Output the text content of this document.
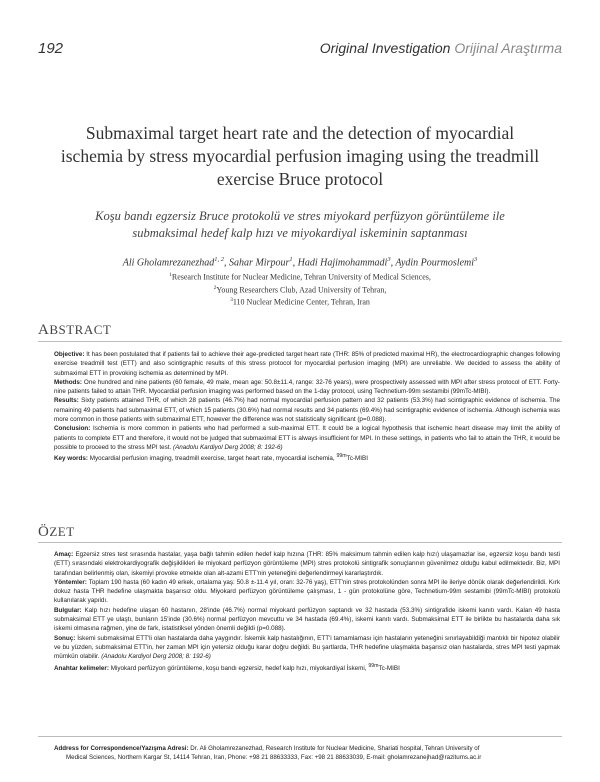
192	Original Investigation Orijinal Araştırma
Submaximal target heart rate and the detection of myocardial ischemia by stress myocardial perfusion imaging using the treadmill exercise Bruce protocol
Koşu bandı egzersiz Bruce protokolü ve stres miyokard perfüzyon görüntüleme ile submaksimal hedef kalp hızı ve miyokardiyal iskeminin saptanması
Ali Gholamrezanezhad$^{1, 2}$, Sahar Mirpour$^1$, Hadi Hajimohammadi$^3$, Aydin Pourmoslemi$^3$
$^1$Research Institute for Nuclear Medicine, Tehran University of Medical Sciences,
$^2$Young Researchers Club, Azad University of Tehran,
$^3$110 Nuclear Medicine Center, Tehran, Iran
ABSTRACT

Objective: It has been postulated that if patients fail to achieve their age-predicted target heart rate (THR: 85% of predicted maximal HR), the electrocardiographic changes following exercise treadmill test (ETT) and also scintigraphic results of this stress protocol for myocardial perfusion imaging (MPI) are unreliable. We decided to assess the ability of submaximal ETT in provoking ischemia as determined by MPI.

Methods: One hundred and nine patients (60 female, 49 male, mean age: 50.8±11.4, range: 32-76 years), were prospectively assessed with MPI after stress protocol of ETT. Forty-nine patients failed to attain THR. Myocardial perfusion imaging was performed based on the 1-day protocol, using Technetium-99m sestamibi (99mTc-MIBI).

Results: Sixty patients attained THR, of which 28 patients (46.7%) had normal myocardial perfusion pattern and 32 patients (53.3%) had scintigraphic evidence of ischemia. The remaining 49 patients had submaximal ETT, of which 15 patients (30.6%) had normal results and 34 patients (69.4%) had scintigraphic evidence of ischemia. Although ischemia was more common in those patients with submaximal ETT, however the difference was not statistically significant (p=0.088).

Conclusion: Ischemia is more common in patients who had performed a sub-maximal ETT. It could be a logical hypothesis that ischemic heart disease may limit the ability of patients to complete ETT and therefore, it would not be judged that submaximal ETT is always insufficient for MPI. In these settings, in patients who fail to attain the THR, it would be possible to proceed to the stress MPI test. (Anadolu Kardiyol Derg 2008; 8: 192-6)

Key words: Myocardial perfusion imaging, treadmill exercise, target heart rate, myocardial ischemia, $^{99m}$Tc-MIBI

ÖZET

Amaç: Egzersiz stres test sırasında hastalar, yaşa bağlı tahmin edilen hedef kalp hızına (THR: 85% maksimum tahmin edilen kalp hızı) ulaşamazlar ise, egzersiz koşu bandı testi (ETT) sırasındaki elektrokardiyografik değişiklikleri ile miyokard perfüzyon görüntüleme (MPI) stres protokolü sintigrafik sonuçlarının güvenilmez olduğu kabul edilmektedir. Biz, MPI tarafından belirlenmiş olan, iskemiyi provoke etmekte olan alt-azami ETT'nin yeteneğini değerlendirmeyi kararlaştırdık.

Yöntemler: Toplam 190 hasta (60 kadın 49 erkek, ortalama yaş: 50.8 ±-11.4 yıl, oran: 32-76 yaş), ETT'nin stres protokolünden sonra MPI ile ileriye dönük olarak değerlendirildi. Kırk dokuz hasta THR hedefine ulaşmakta başarısız oldu. Miyokard perfüzyon görüntüleme çalışması, 1 - gün protokolüne göre, Technetium-99m sestamibi (99mTc-MIBI) protokolü kullanılarak yapıldı.

Bulgular: Kalp hızı hedefine ulaşan 60 hastanın, 28'inde (46.7%) normal miyokard perfüzyon saptandı ve 32 hastada (53.3%) sintigrafide iskemi kanıtı vardı. Kalan 49 hasta submaksimal ETT ye ulaştı, bunların 15'inde (30.6%) normal perfüzyon mevcuttu ve 34 hastada (69.4%), iskemi kanıtı vardı. Submaksimal ETT ile birlikte bu hastalarda daha sık iskemi olmasına rağmen, yine de fark, istatistiksel yönden önemli değildi (p=0.088).

Sonuç: İskemi submaksimal ETT'li olan hastalarda daha yaygındır. İskemik kalp hastalığının, ETT'i tamamlaması için hastaların yeteneğini sınırlayabildiği mantıklı bir hipotez olabilir ve bu yüzden, submaksimal ETT'in, her zaman MPI için yetersiz olduğu karar doğru değildi. Bu şartlarda, THR hedefine ulaşmakta başarısız olan hastalarda, stres MPI testi yapmak mümkün olabilir. (Anadolu Kardiyol Derg 2008; 8: 192-6)

Anahtar kelimeler: Miyokard perfüzyon görüntüleme, koşu bandı egzersiz, hedef kalp hızı, miyokardiyal İskemi, $^{99m}$Tc-MIBI

Address for Correspondence/Yazışma Adresi: Dr. Ali Gholamrezanezhad, Research Institute for Nuclear Medicine, Shariati hospital, Tehran University of
Medical Sciences, Northern Kargar St, 14114 Tehran, Iran, Phone: +98 21 88633333, Fax: +98 21 88633039, E-mail: gholamrezanejhad@razitums.ac.ir
